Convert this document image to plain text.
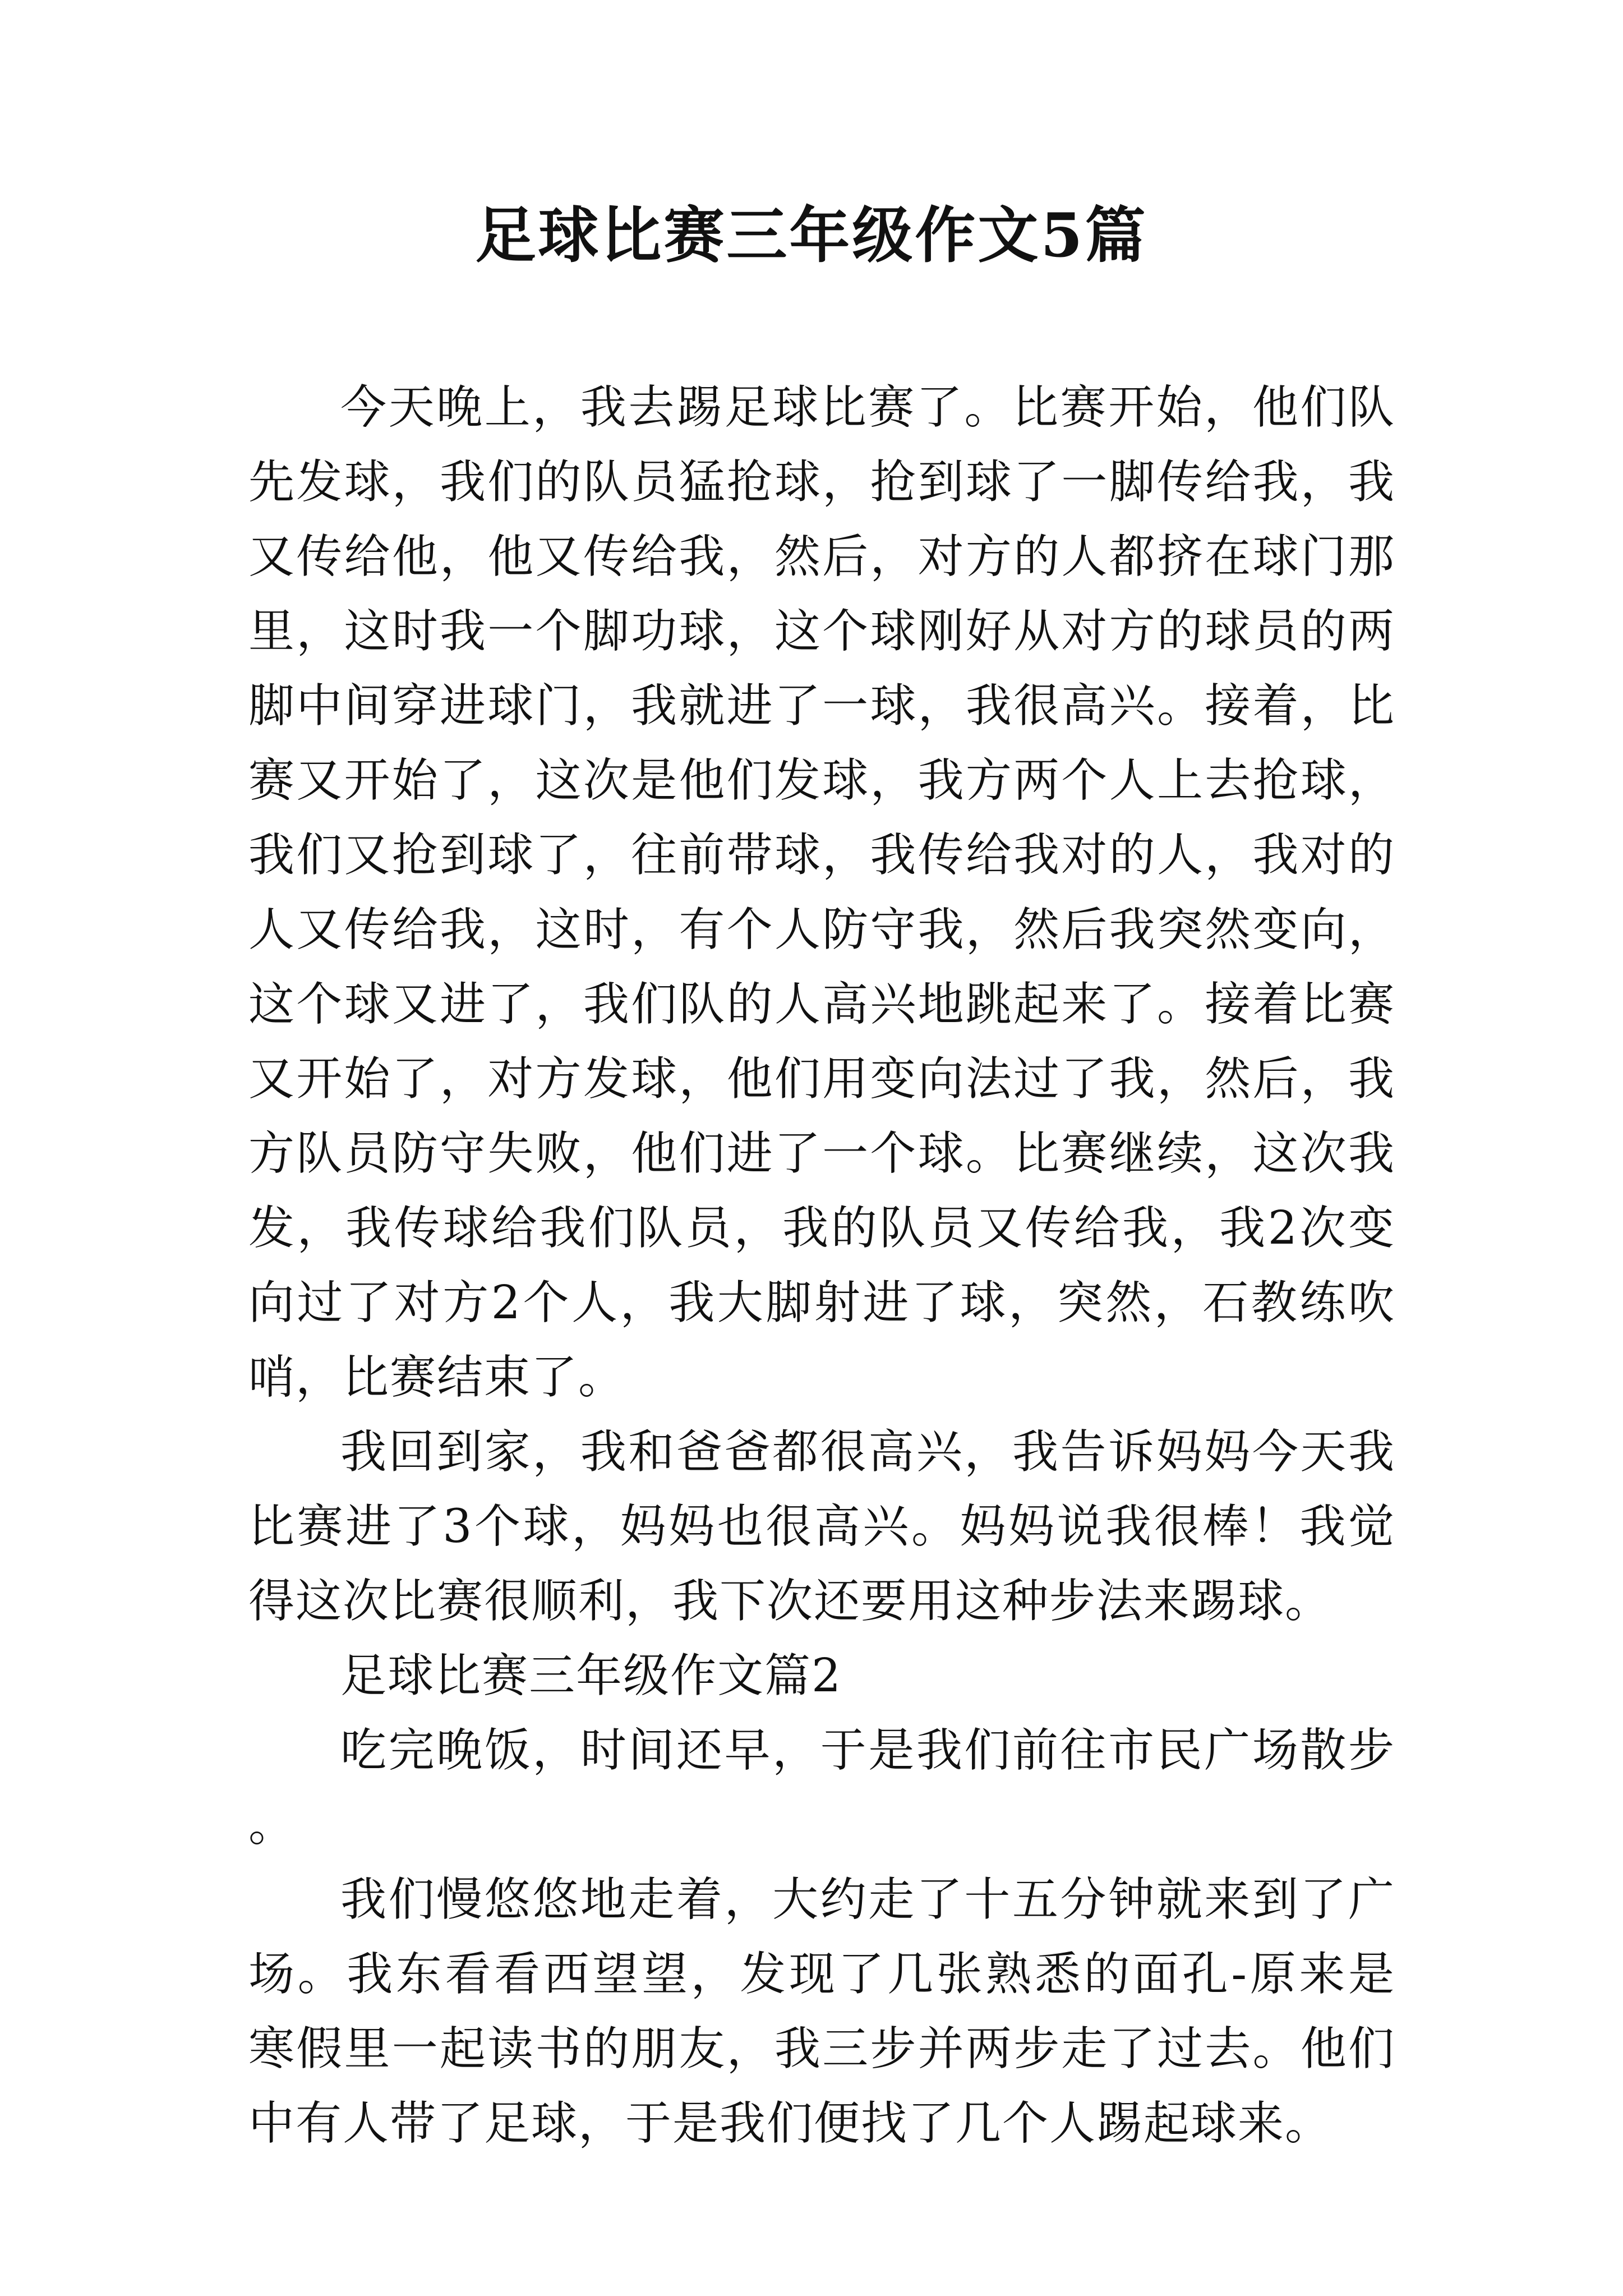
足球比赛三年级作文5篇

今天晚上，我去踢足球比赛了。比赛开始，他们队先发球，我们的队员猛抢球，抢到球了一脚传给我，我又传给他，他又传给我，然后，对方的人都挤在球门那里，这时我一个脚功球，这个球刚好从对方的球员的两脚中间穿进球门，我就进了一球，我很高兴。接着，比赛又开始了，这次是他们发球，我方两个人上去抢球，我们又抢到球了，往前带球，我传给我对的人，我对的人又传给我，这时，有个人防守我，然后我突然变向，这个球又进了，我们队的人高兴地跳起来了。接着比赛又开始了，对方发球，他们用变向法过了我，然后，我方队员防守失败，他们进了一个球。比赛继续，这次我发，我传球给我们队员，我的队员又传给我，我2次变向过了对方2个人，我大脚射进了球，突然，石教练吹哨，比赛结束了。

我回到家，我和爸爸都很高兴，我告诉妈妈今天我比赛进了3个球，妈妈也很高兴。妈妈说我很棒！我觉得这次比赛很顺利，我下次还要用这种步法来踢球。

足球比赛三年级作文篇2

吃完晚饭，时间还早，于是我们前往市民广场散步。

我们慢悠悠地走着，大约走了十五分钟就来到了广场。我东看看西望望，发现了几张熟悉的面孔-原来是寒假里一起读书的朋友，我三步并两步走了过去。他们中有人带了足球，于是我们便找了几个人踢起球来。
